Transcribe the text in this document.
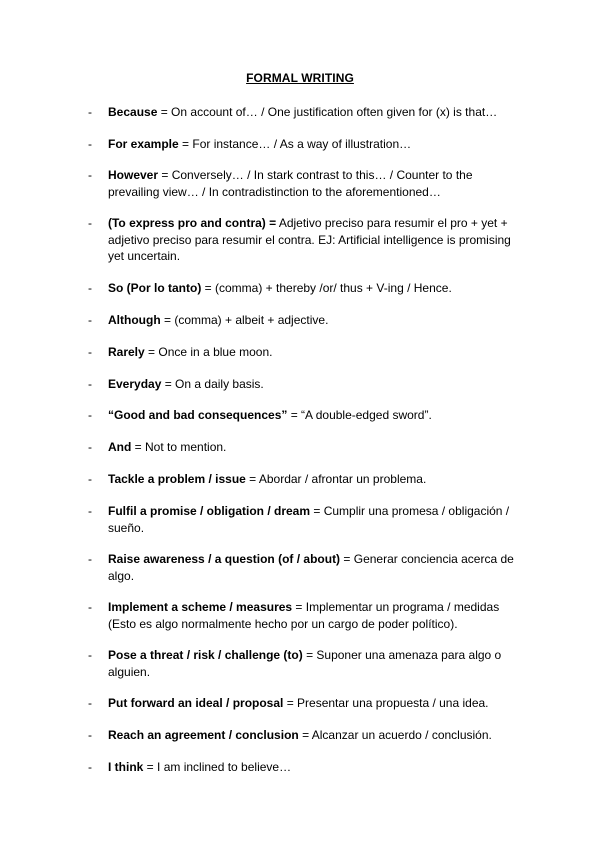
FORMAL WRITING
-	Because = On account of… / One justification often given for (x) is that…
-	For example = For instance… / As a way of illustration…
-	However = Conversely… / In stark contrast to this… / Counter to the prevailing view… / In contradistinction to the aforementioned…
-	(To express pro and contra) = Adjetivo preciso para resumir el pro + yet + adjetivo preciso para resumir el contra. EJ: Artificial intelligence is promising yet uncertain.
-	So (Por lo tanto) = (comma) + thereby /or/ thus + V-ing / Hence.
-	Although = (comma) + albeit + adjective.
-	Rarely = Once in a blue moon.
-	Everyday = On a daily basis.
-	“Good and bad consequences” = “A double-edged sword”.
-	And = Not to mention.
-	Tackle a problem / issue = Abordar / afrontar un problema.
-	Fulfil a promise / obligation / dream = Cumplir una promesa / obligación / sueño.
-	Raise awareness / a question (of / about) = Generar conciencia acerca de algo.
-	Implement a scheme / measures = Implementar un programa / medidas (Esto es algo normalmente hecho por un cargo de poder político).
-	Pose a threat / risk / challenge (to) = Suponer una amenaza para algo o alguien.
-	Put forward an ideal / proposal = Presentar una propuesta / una idea.
-	Reach an agreement / conclusion = Alcanzar un acuerdo / conclusión.
-	I think = I am inclined to believe…
